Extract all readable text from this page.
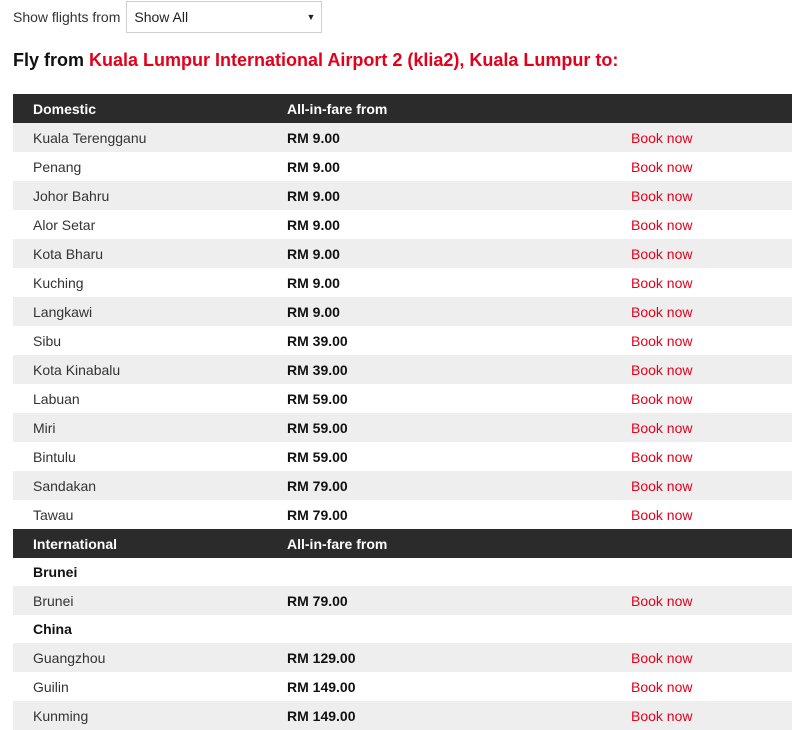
Show flights from Show All	▼
Fly from Kuala Lumpur International Airport 2 (klia2), Kuala Lumpur to:
Domestic	All-in-fare from
Kuala Terengganu	RM 9.00	Book now
Penang	RM 9.00	Book now
Johor Bahru	RM 9.00	Book now
Alor Setar	RM 9.00	Book now
Kota Bharu	RM 9.00	Book now
Kuching	RM 9.00	Book now
Langkawi	RM 9.00	Book now
Sibu	RM 39.00	Book now
Kota Kinabalu	RM 39.00	Book now
Labuan	RM 59.00	Book now
Miri	RM 59.00	Book now
Bintulu	RM 59.00	Book now
Sandakan	RM 79.00	Book now
Tawau	RM 79.00	Book now
International	All-in-fare from
Brunei
Brunei	RM 79.00	Book now
China
Guangzhou	RM 129.00	Book now
Guilin	RM 149.00	Book now
Kunming	RM 149.00	Book now
